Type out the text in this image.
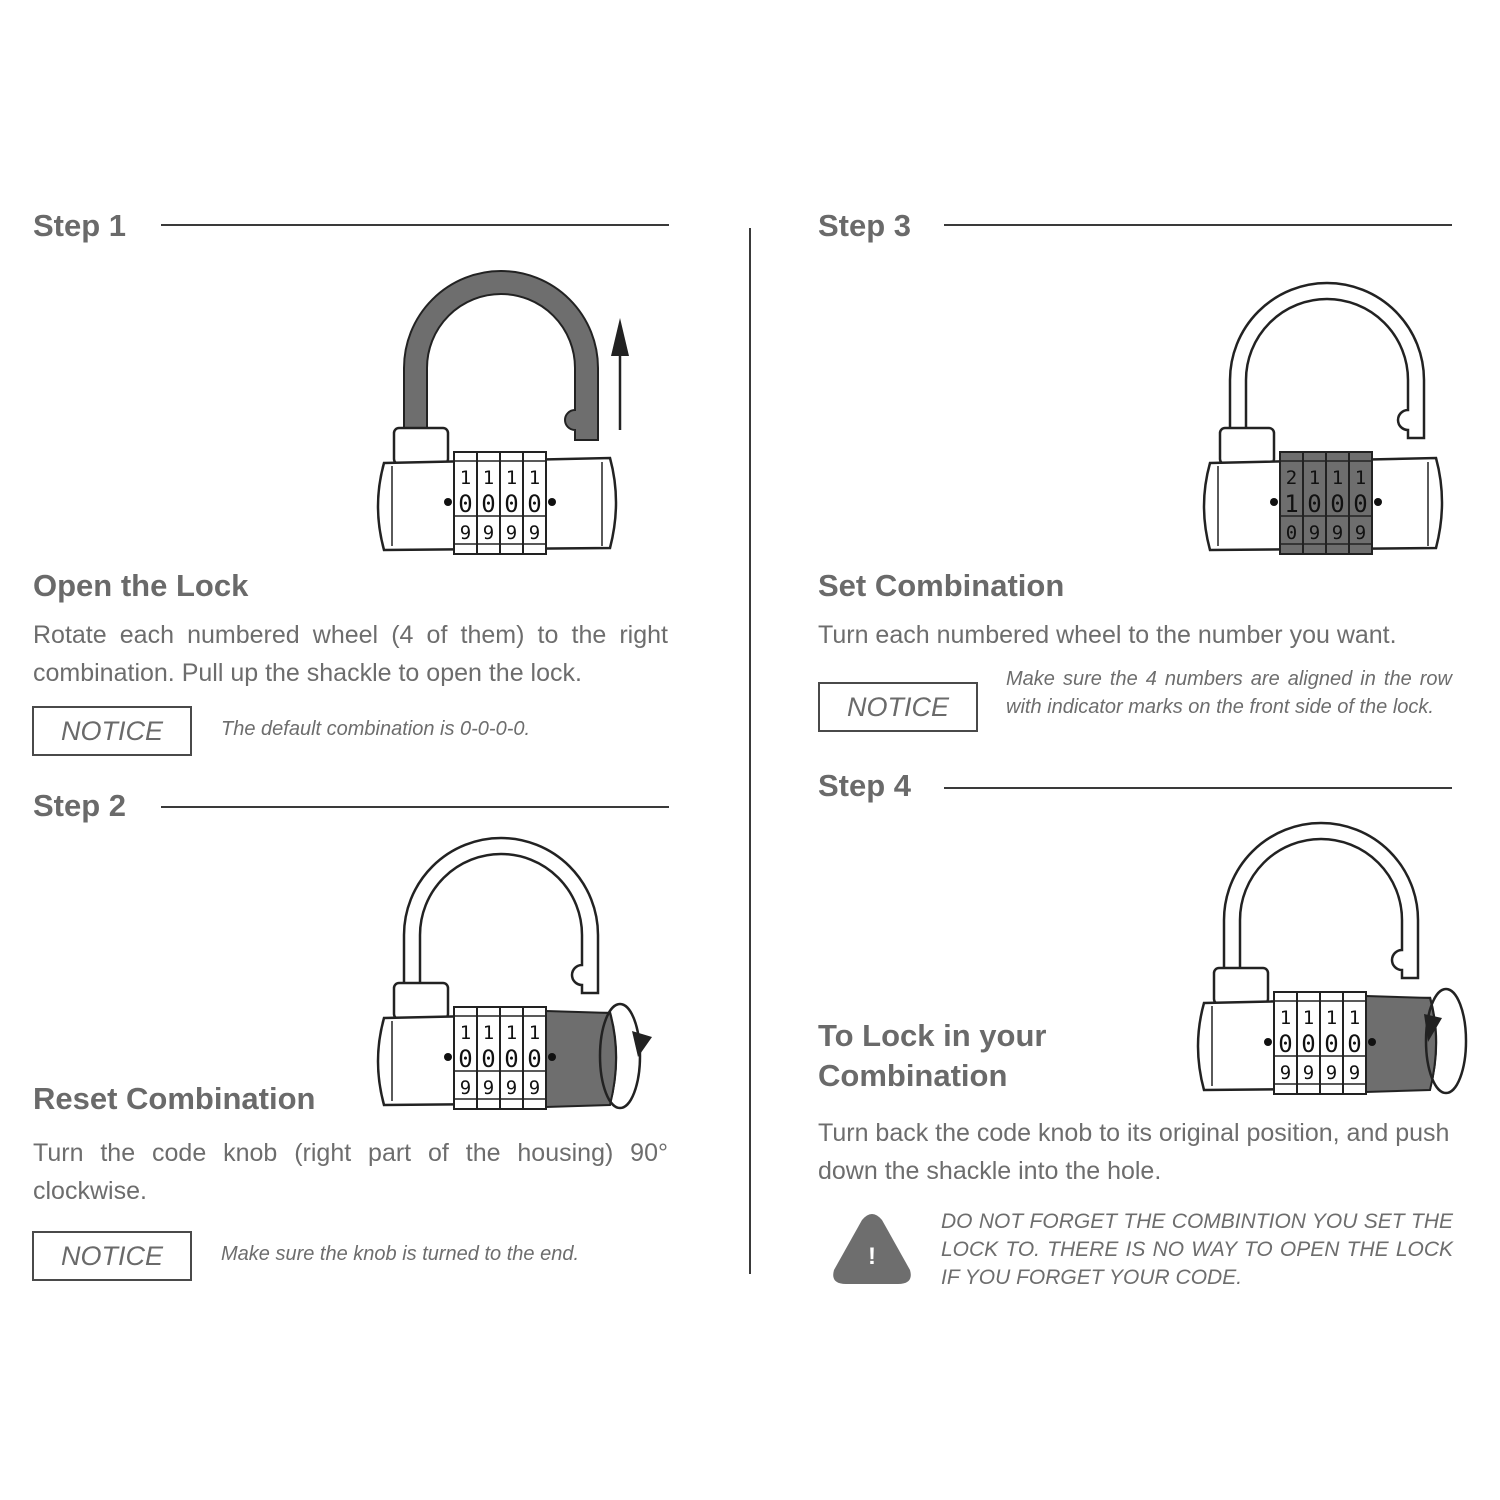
Step 1
1 1 1 1
0 0 0 0
9 9 9 9
Open the Lock
Rotate each numbered wheel (4 of them) to the right combination. Pull up the shackle to open the lock.
NOTICE	The default combination is 0-0-0-0.
Step 2
1 1 1 1
0 0 0 0
9 9 9 9
Reset Combination
Turn the code knob (right part of the housing) 90° clockwise.
NOTICE	Make sure the knob is turned to the end.
Step 3
2 1 1 1
1 0 0 0
0 9 9 9
Set Combination
Turn each numbered wheel to the number you want.
NOTICE
Make sure the 4 numbers are aligned in the row with indicator marks on the front side of the lock.
Step 4
1 1 1 1
0 0 0 0
9 9 9 9
To Lock in your
Combination
Turn back the code knob to its original position, and push down the shackle into the hole.
!
DO NOT FORGET THE COMBINTION YOU SET THE LOCK TO. THERE IS NO WAY TO OPEN THE LOCK IF YOU FORGET YOUR CODE.
